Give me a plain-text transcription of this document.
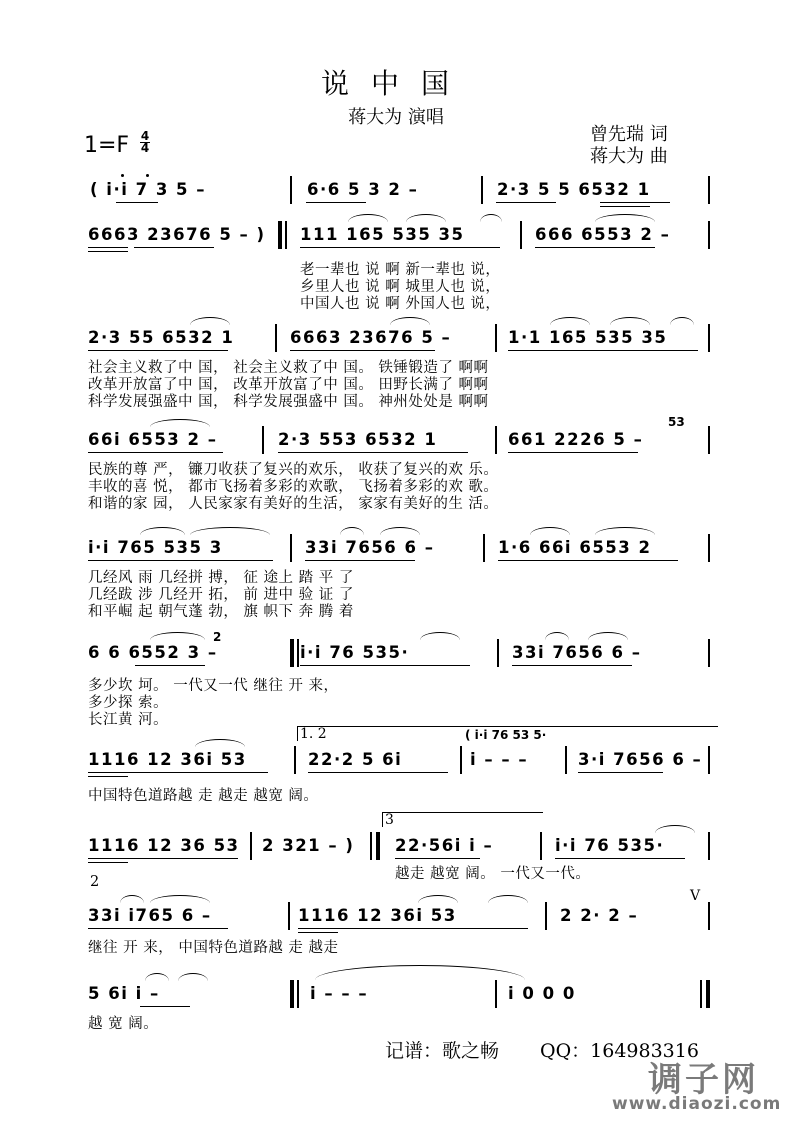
说中国
蒋大为 演唱
1=F 4
4
曾先瑞 词
蒋大为 曲
( i·i 7 3 5 –	6·6 5 3 2 –	2·3 5 5 6532 1
6663 23676 5 – ) 111 165 535 35	666 6553 2 –
老一辈也 说 啊 新一辈也 说，
乡里人也 说 啊 城里人也 说，
中国人也 说 啊 外国人也 说，
2·3 55 6532 1	6663 23676 5 –	1·1 165 535 35
社会主义救了中 国， 社会主义救了中 国。 铁锤锻造了 啊啊
改革开放富了中 国， 改革开放富了中 国。 田野长满了 啊啊
科学发展强盛中 国， 科学发展强盛中 国。 神州处处是 啊啊
66i 6553 2 –	2·3 553 6532 1	661 2226 5 –
53
民族的尊 严， 镰刀收获了复兴的欢乐， 收获了复兴的欢 乐。
丰收的喜 悦， 都市飞扬着多彩的欢歌， 飞扬着多彩的欢 歌。
和谐的家 园， 人民家家有美好的生活， 家家有美好的生 活。
i·i 765 535 3	33i 7656 6 –	1·6 66i 6553 2
几经风 雨 几经拼 搏， 征 途上 踏 平 了
几经跋 涉 几经开 拓， 前 进中 验 证 了
和平崛 起 朝气蓬 勃， 旗 帜下 奔 腾 着
6 6 6552 3 –
2
i·i 76 535·	33i 7656 6 –
多少坎 坷。 一代又一代 继往 开 来，
多少探 索。
长江黄 河。
1. 2	( i·i 76 53 5·
1116 12 36i 53	22·2 5 6i	i – – –	3·i 7656 6 –
中国特色道路越 走 越走 越宽 阔。
3
1116 12 36 53 2 321 – ) 22·56i i –	i·i 76 535·
2	越走 越宽 阔。 一代又一代。
33i i765 6 –	1116 12 36i 53	2 2· 2 –
V
继往 开 来， 中国特色道路越 走 越走
5 6i i –	i – – –	i 0 0 0
越 宽 阔。
记谱：歌之畅 QQ：164983316
调子网
www.diaozi.com
